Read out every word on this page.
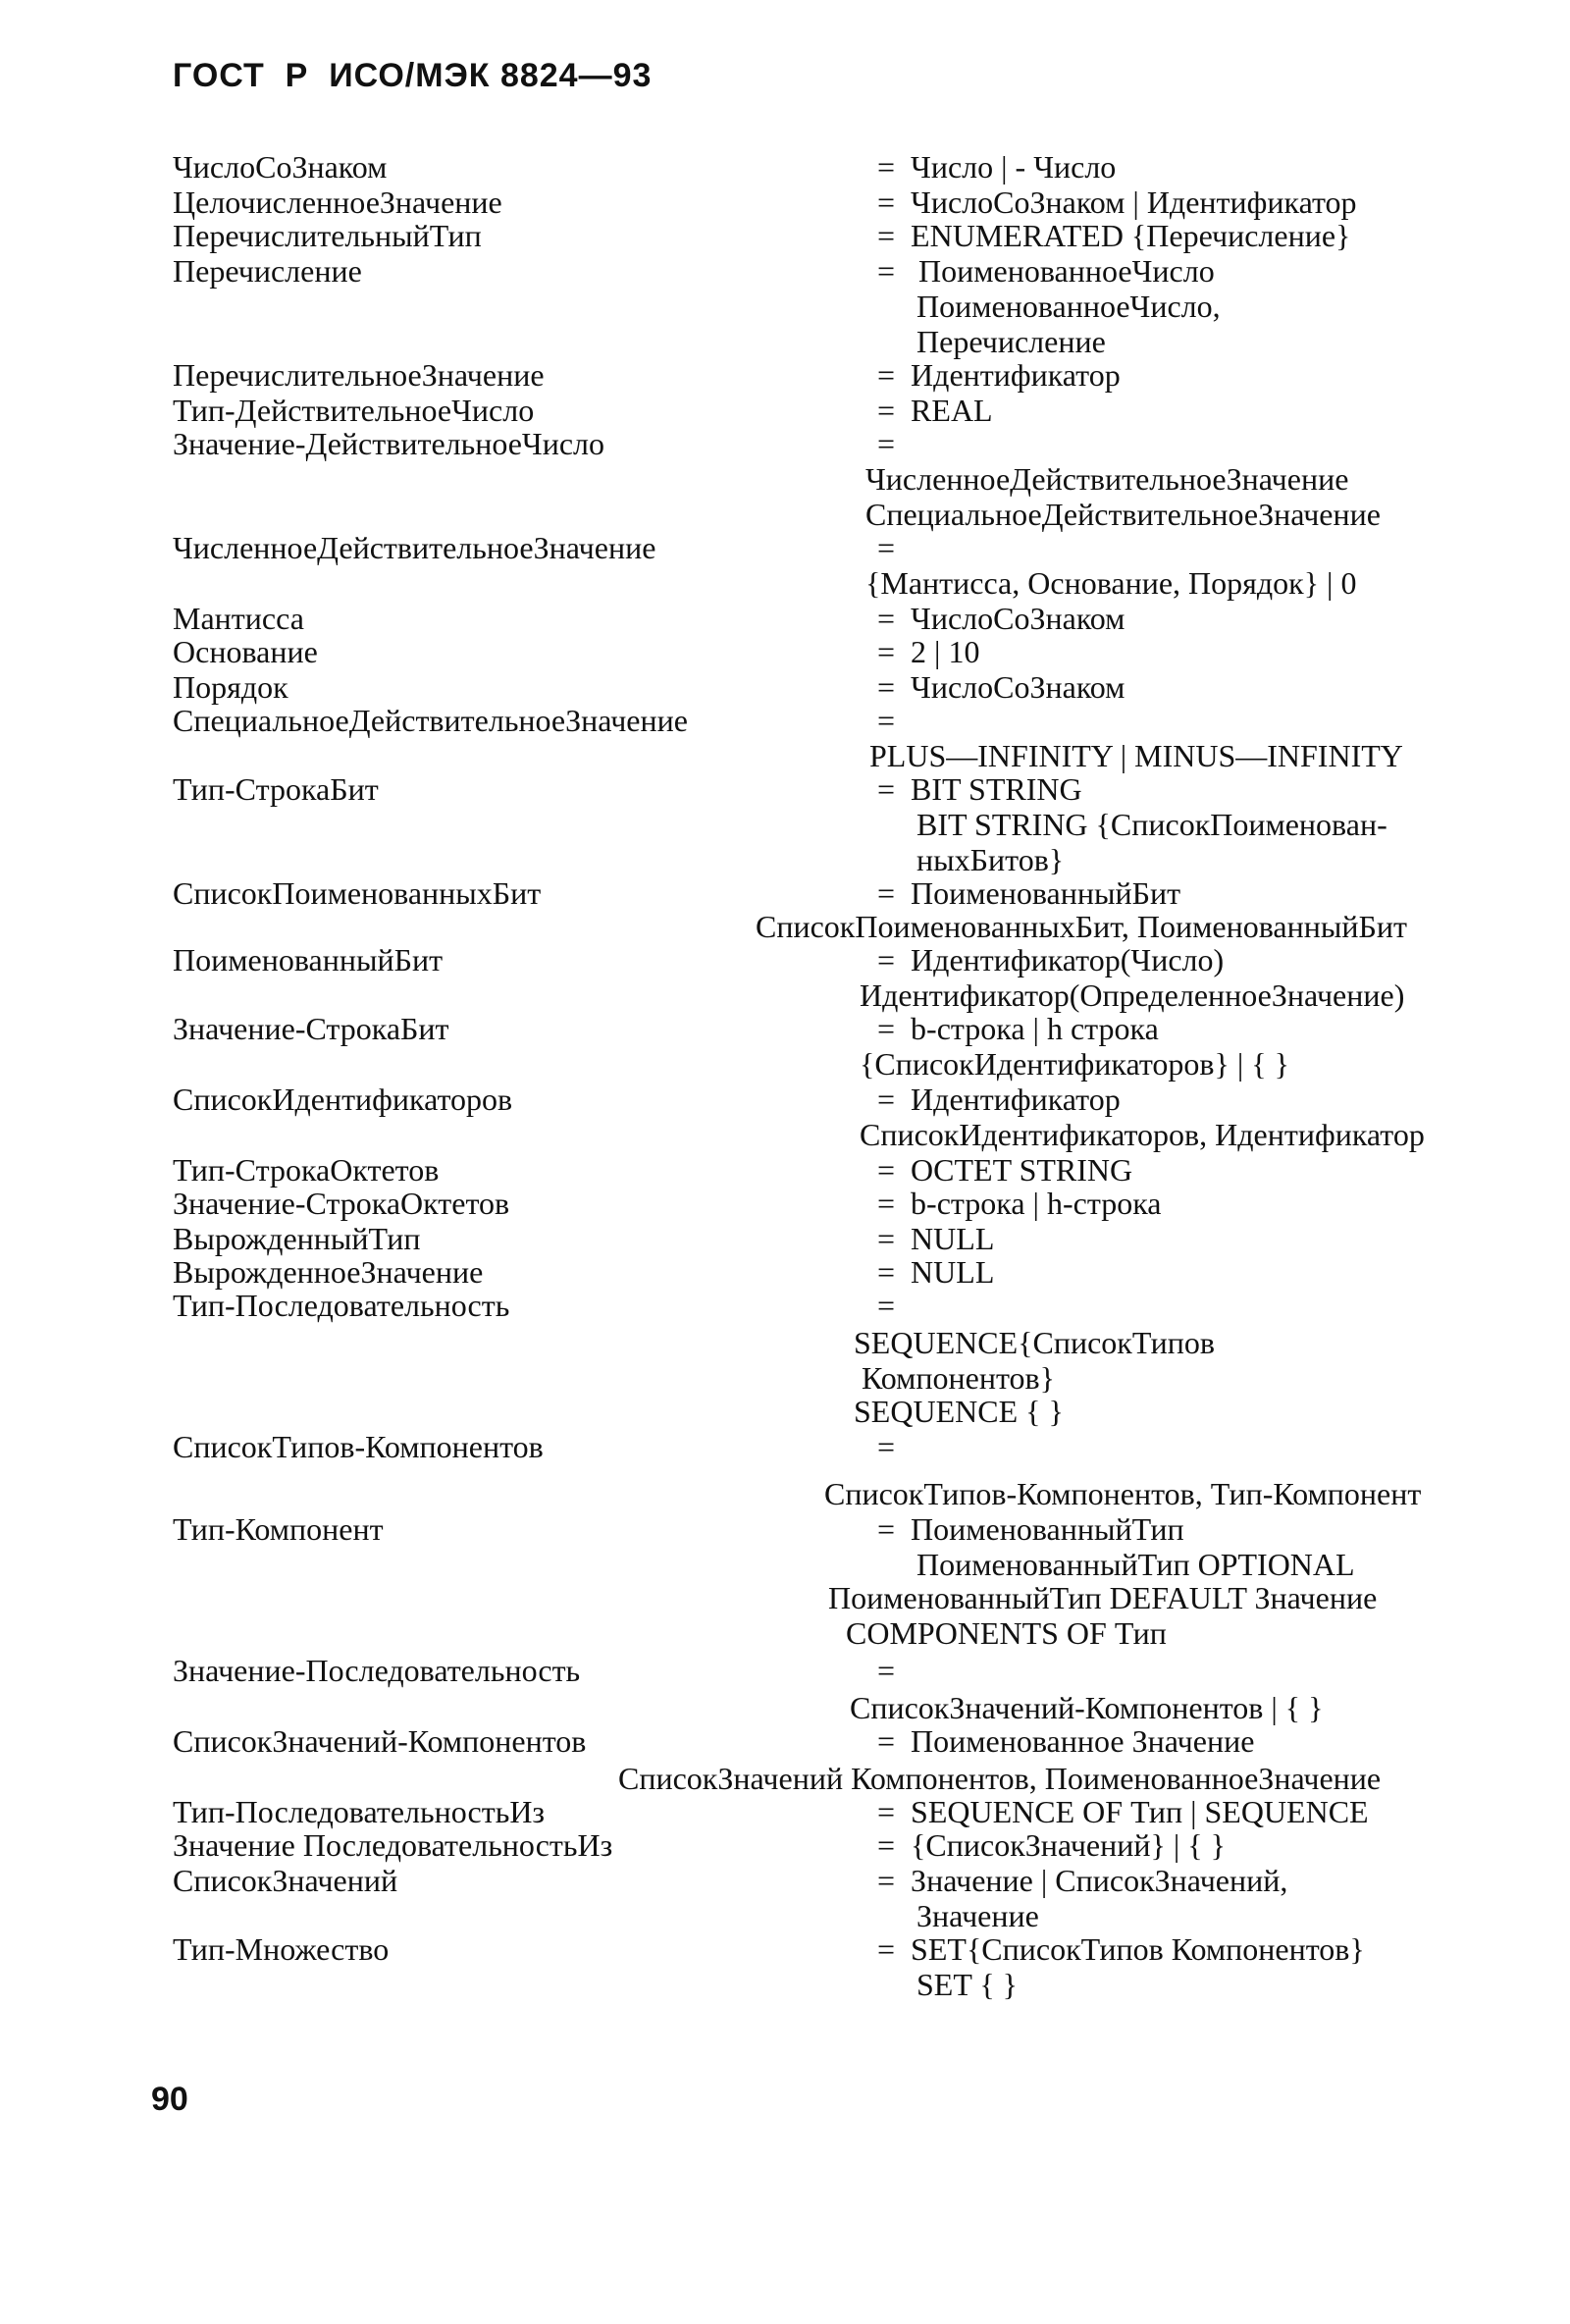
ГОСТ  Р  ИСО/МЭК 8824—93
ЧислоСоЗнаком	=  Число | - Число
ЦелочисленноеЗначение	=  ЧислоСоЗнаком | Идентификатор
ПеречислительныйТип	=  ENUMERATED {Перечисление}
Перечисление	=   ПоименованноеЧисло
ПоименованноеЧисло,
Перечисление
ПеречислительноеЗначение	=  Идентификатор
Тип-ДействительноеЧисло	=  REAL
Значение-ДействительноеЧисло	=
ЧисленноеДействительноеЗначение
СпециальноеДействительноеЗначение
ЧисленноеДействительноеЗначение	=
{Мантисса, Основание, Порядок} | 0
Мантисса	=  ЧислоСоЗнаком
Основание	=  2 | 10
Порядок	=  ЧислоСоЗнаком
СпециальноеДействительноеЗначение	=
PLUS—INFINITY | MINUS—INFINITY
Тип-СтрокаБит	=  BIT STRING
BIT STRING {СписокПоименован-
ныхБитов}
СписокПоименованныхБит	=  ПоименованныйБит
СписокПоименованныхБит, ПоименованныйБит
ПоименованныйБит	=  Идентификатор(Число)
Идентификатор(ОпределенноеЗначение)
Значение-СтрокаБит	=  b-строка | h строка
{СписокИдентификаторов} | { }
СписокИдентификаторов	=  Идентификатор
СписокИдентификаторов, Идентификатор
Тип-СтрокаОктетов	=  OCTET STRING
Значение-СтрокаОктетов	=  b-строка | h-строка
ВырожденныйТип	=  NULL
ВырожденноеЗначение	=  NULL
Тип-Последовательность	=
SEQUENCE{СписокТипов
Компонентов}
SEQUENCE { }
СписокТипов-Компонентов	=
СписокТипов-Компонентов, Тип-Компонент
Тип-Компонент	=  ПоименованныйТип
ПоименованныйТип OPTIONAL
ПоименованныйТип DEFAULT Значение
COMPONENTS OF Тип
Значение-Последовательность	=
СписокЗначений-Компонентов | { }
СписокЗначений-Компонентов	=  Поименованное Значение
СписокЗначений Компонентов, ПоименованноеЗначение
Тип-ПоследовательностьИз	=  SEQUENCE OF Тип | SEQUENCE
Значение ПоследовательностьИз	=  {СписокЗначений} | { }
СписокЗначений	=  Значение | СписокЗначений,
Значение
Тип-Множество	=  SET{СписокТипов Компонентов}
SET { }
90
